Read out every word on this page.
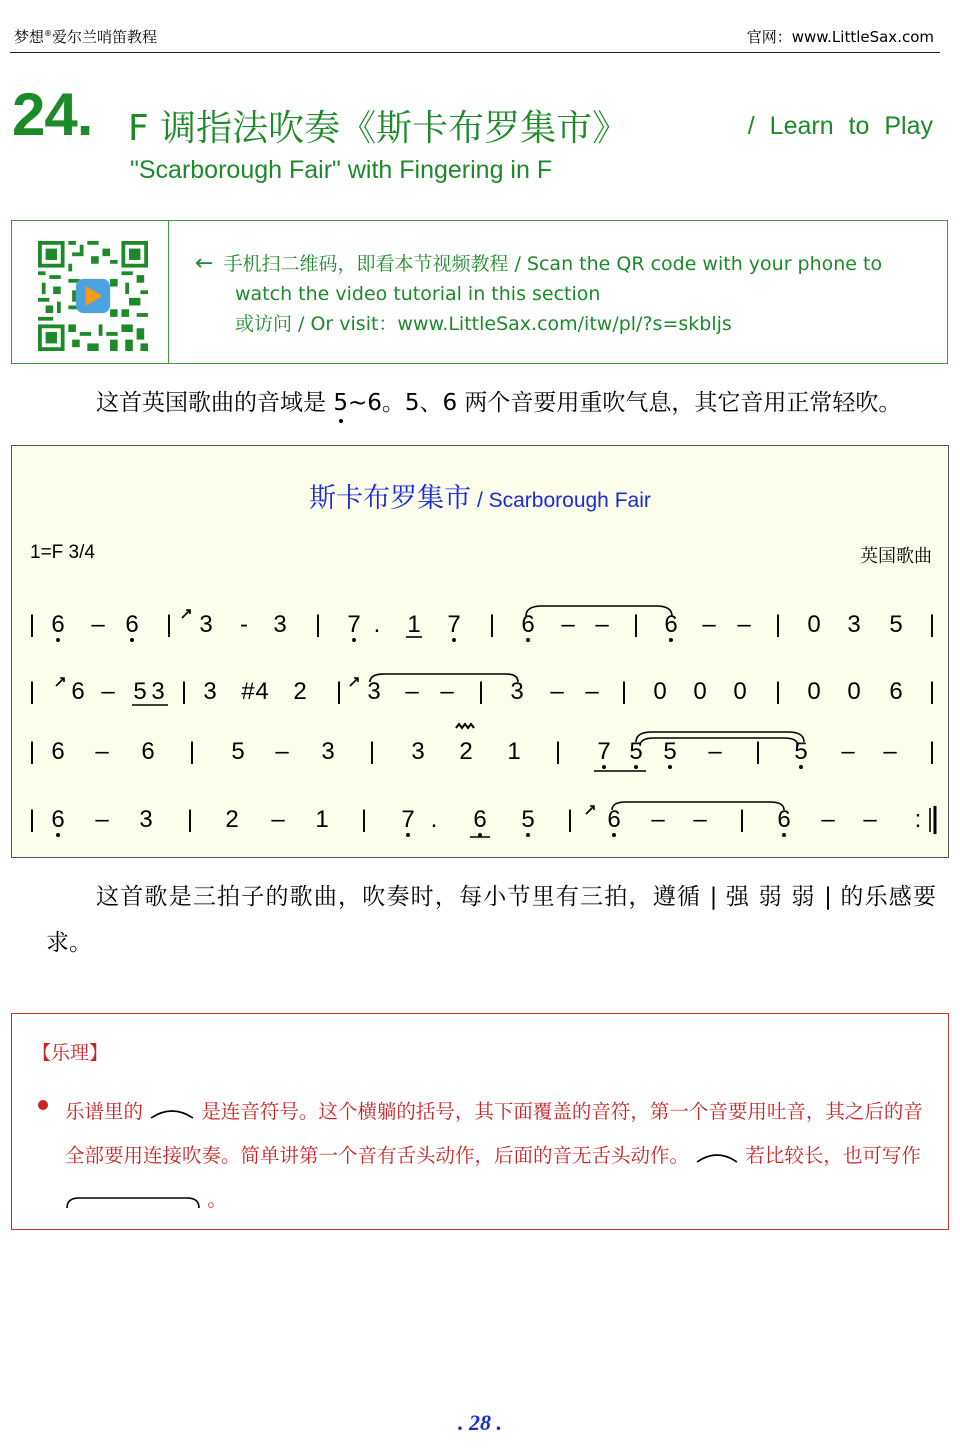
梦想®爱尔兰哨笛教程	官网：www.LittleSax.com
24. F 调指法吹奏《斯卡布罗集市》	/ Learn to Play
"Scarborough Fair" with Fingering in F
← 手机扫二维码，即看本节视频教程 / Scan the QR code with your phone to
watch the video tutorial in this section
或访问 / Or visit：www.LittleSax.com/itw/pl/?s=skbljs
这首英国歌曲的音域是 5~6。5、6 两个音要用重吹气息，其它音用正常轻吹。
斯卡布罗集市 / Scarborough Fair
1=F 3/4	英国歌曲
| 6 – 6 | 3 - 3 | 7 . 1 7 | 6 – – | 6 – – | 0 3 5 |
| 6 – 5 3 | 3 # 4 2 | 3 – – | 3 – – | 0 0 0 | 0 0 6 |
| 6 – 6 | 5 – 3 | 3 2 1 | 7 5 5 – | 5 – – |
| 6 – 3 | 2 – 1 | 7 . 6 5 | 6 – – | 6 – – :
这首歌是三拍子的歌曲，吹奏时，每小节里有三拍，遵循 | 强 弱 弱 | 的乐感要求。
【乐理】
乐谱里的	是连音符号。这个横躺的括号，其下面覆盖的音符，第一个音要用吐音，其之后的音全部要用连接吹奏。简单讲第一个音有舌头动作，后面的音无舌头动作。	若比较长，也可写作  。
. 28 .
